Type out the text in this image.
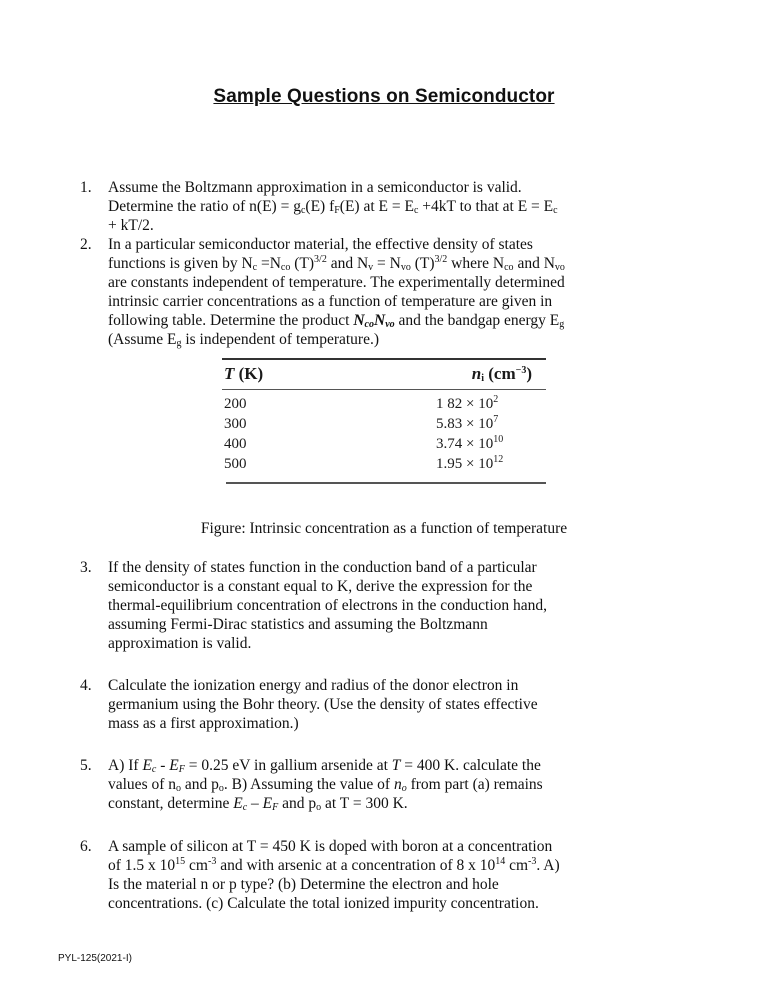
Sample Questions on Semiconductor
1. Assume the Boltzmann approximation in a semiconductor is valid.
Determine the ratio of $n(E) = g_c(E)$ $f_F(E)$ at $E = E_c +4kT$ to that at $E = E_c$
+ kT/2.
2. In a particular semiconductor material, the effective density of states
functions is given by $N_c =N_{co}$ $(T)^{3/2}$ and $N_v = N_{vo}$ $(T)^{3/2}$ where $N_{co}$ and $N_{vo}$
are constants independent of temperature. The experimentally determined
intrinsic carrier concentrations as a function of temperature are given in
following table. Determine the product $N_{co}N_{vo}$ and the bandgap energy $E_g$
(Assume $E_g$ is independent of temperature.)
T (K)	$n_i$ $(cm^{-3})$
200	1 $82 \times 10^2$
300	$5.83 \times 10^7$
400	$3.74 \times 10^{10}$
500	$1.95 \times 10^{12}$
Figure: Intrinsic concentration as a function of temperature
3. If the density of states function in the conduction band of a particular
semiconductor is a constant equal to K, derive the expression for the
thermal-equilibrium concentration of electrons in the conduction hand,
assuming Fermi-Dirac statistics and assuming the Boltzmann
approximation is valid.
4. Calculate the ionization energy and radius of the donor electron in
germanium using the Bohr theory. (Use the density of states effective
mass as a first approximation.)
5. A) If $E_c - E_F = 0.25$ eV in gallium arsenide at T = 400 K. calculate the
values of $n_o$ and $p_o$. B) Assuming the value of $n_o$ from part (a) remains
constant, determine $E_c - E_F$ and $p_o$ at T = 300 K.
6. A sample of silicon at T = 450 K is doped with boron at a concentration
of 1.5 x $10^{15}$ $cm^{-3}$ and with arsenic at a concentration of 8 x $10^{14}$ $cm^{-3}$. A)
Is the material n or p type? (b) Determine the electron and hole
concentrations. (c) Calculate the total ionized impurity concentration.
PYL-125(2021-I)
